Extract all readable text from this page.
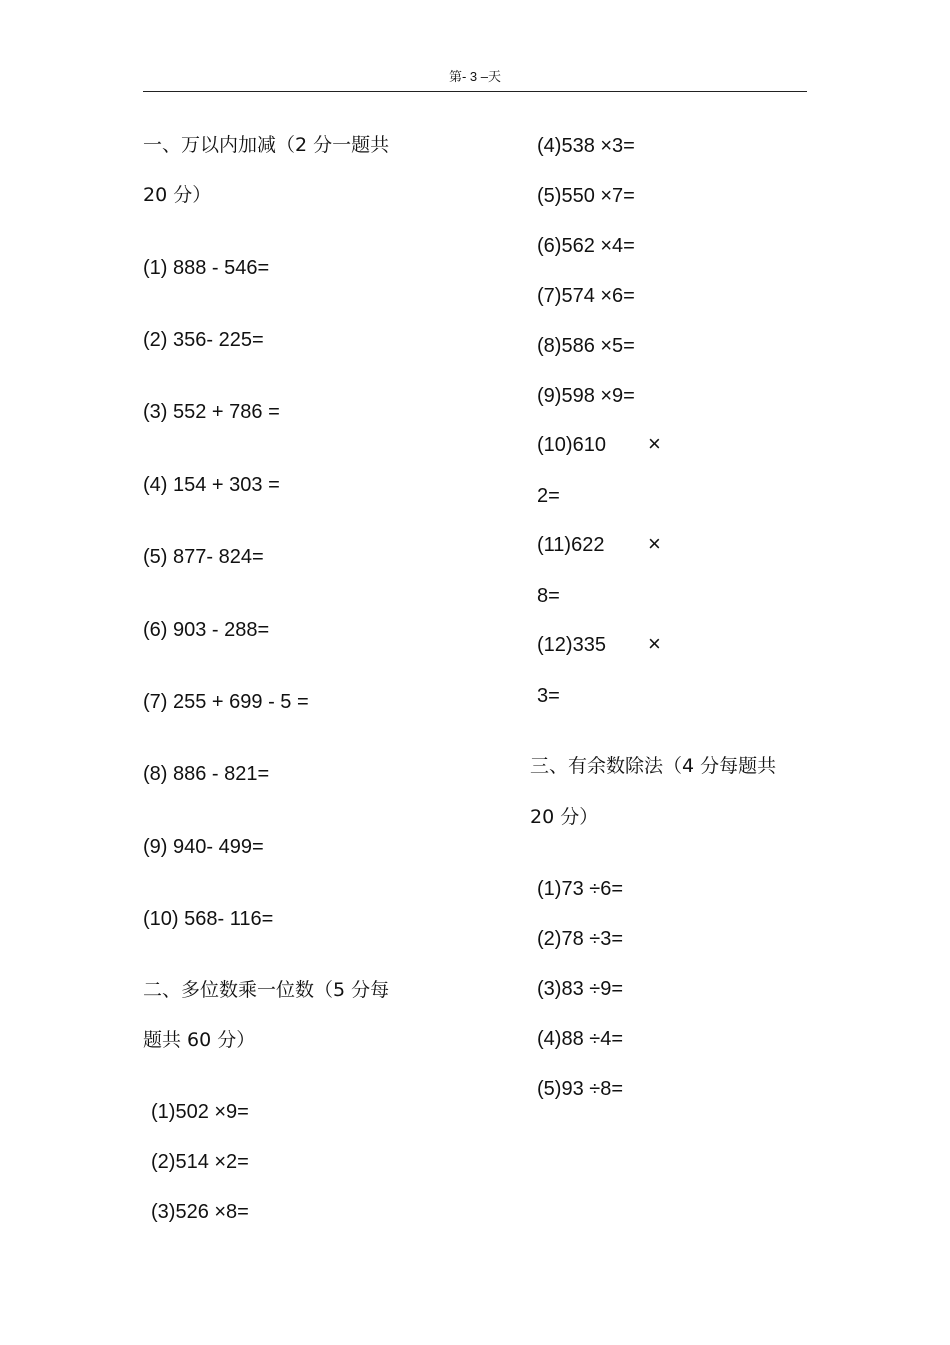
第- 3 –天
一、万以内加减（2 分一题共
20 分）
(1) 888 - 546=
(2) 356- 225=
(3) 552 + 786 =
(4) 154 + 303 =
(5) 877- 824=
(6) 903 - 288=
(7) 255 + 699 - 5 =
(8) 886 - 821=
(9) 940- 499=
(10) 568- 116=
二、多位数乘一位数（5 分每
题共 60 分）
(1)502 ×9=
(2)514 ×2=
(3)526 ×8=
(4)538 ×3=
(5)550 ×7=
(6)562 ×4=
(7)574 ×6=
(8)586 ×5=
(9)598 ×9=
(10)610 ×
2=
(11)622 ×
8=
(12)335 ×
3=
三、有余数除法（4 分每题共
20 分）
(1)73 ÷6=
(2)78 ÷3=
(3)83 ÷9=
(4)88 ÷4=
(5)93 ÷8=
